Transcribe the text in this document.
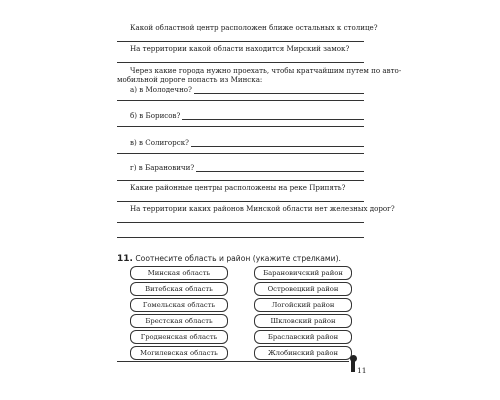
Какой областной центр расположен ближе остальных к столице?
На территории какой области находится Мирский замок?
Через какие города нужно проехать, чтобы кратчайшим путем по авто-
мобильной дороге попасть из Минска:
а) в Молодечно?
б) в Борисов?
в) в Солигорск?
г) в Барановичи?
Какие районные центры расположены на реке Припять?
На территории каких районов Минской области нет железных дорог?
11. Соотнесите область и район (укажите стрелками).
Минская область
Витебская область
Гомельская область
Брестская область
Гродненская область
Могилевская область
Барановичский район
Островецкий район
Логойский район
Шкловский район
Браславский район
Жлобинский район
11
